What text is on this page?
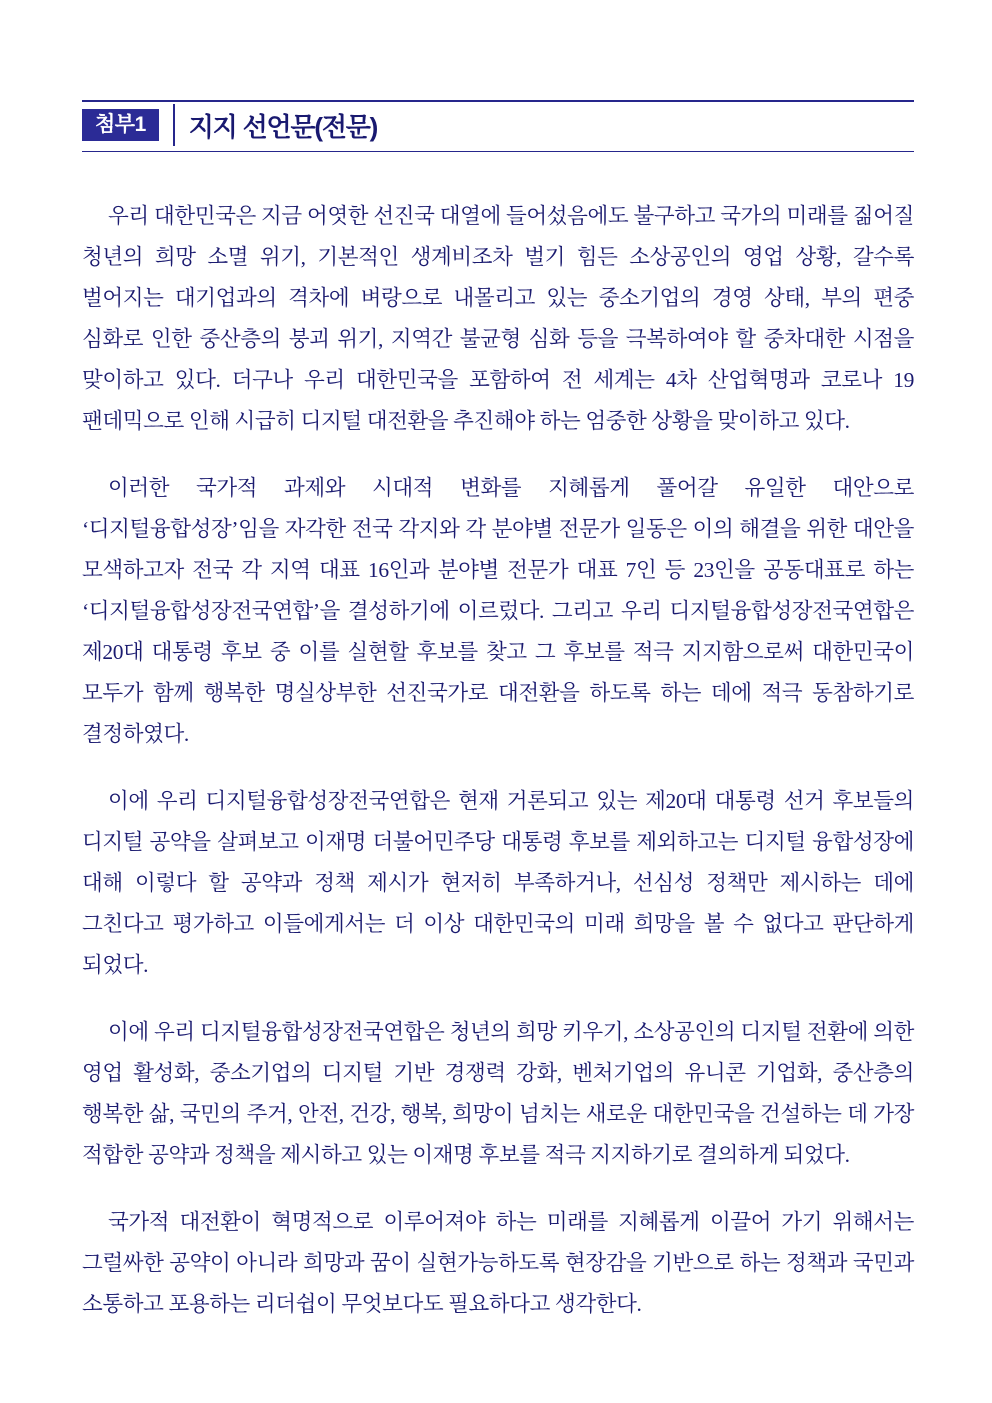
첨부1	지지 선언문(전문)

우리 대한민국은 지금 어엿한 선진국 대열에 들어섰음에도 불구하고 국가의 미래를 짊어질 청년의 희망 소멸 위기, 기본적인 생계비조차 벌기 힘든 소상공인의 영업 상황, 갈수록 벌어지는 대기업과의 격차에 벼랑으로 내몰리고 있는 중소기업의 경영 상태, 부의 편중 심화로 인한 중산층의 붕괴 위기, 지역간 불균형 심화 등을 극복하여야 할 중차대한 시점을 맞이하고 있다. 더구나 우리 대한민국을 포함하여 전 세계는 4차 산업혁명과 코로나 19 팬데믹으로 인해 시급히 디지털 대전환을 추진해야 하는 엄중한 상황을 맞이하고 있다.

이러한 국가적 과제와 시대적 변화를 지혜롭게 풀어갈 유일한 대안으로 ‘디지털융합성장’임을 자각한 전국 각지와 각 분야별 전문가 일동은 이의 해결을 위한 대안을 모색하고자 전국 각 지역 대표 16인과 분야별 전문가 대표 7인 등 23인을 공동대표로 하는 ‘디지털융합성장전국연합’을 결성하기에 이르렀다. 그리고 우리 디지털융합성장전국연합은 제20대 대통령 후보 중 이를 실현할 후보를 찾고 그 후보를 적극 지지함으로써 대한민국이 모두가 함께 행복한 명실상부한 선진국가로 대전환을 하도록 하는 데에 적극 동참하기로 결정하였다.

이에 우리 디지털융합성장전국연합은 현재 거론되고 있는 제20대 대통령 선거 후보들의 디지털 공약을 살펴보고 이재명 더불어민주당 대통령 후보를 제외하고는 디지털 융합성장에 대해 이렇다 할 공약과 정책 제시가 현저히 부족하거나, 선심성 정책만 제시하는 데에 그친다고 평가하고 이들에게서는 더 이상 대한민국의 미래 희망을 볼 수 없다고 판단하게 되었다.

이에 우리 디지털융합성장전국연합은 청년의 희망 키우기, 소상공인의 디지털 전환에 의한 영업 활성화, 중소기업의 디지털 기반 경쟁력 강화, 벤처기업의 유니콘 기업화, 중산층의 행복한 삶, 국민의 주거, 안전, 건강, 행복, 희망이 넘치는 새로운 대한민국을 건설하는 데 가장 적합한 공약과 정책을 제시하고 있는 이재명 후보를 적극 지지하기로 결의하게 되었다.

국가적 대전환이 혁명적으로 이루어져야 하는 미래를 지혜롭게 이끌어 가기 위해서는 그럴싸한 공약이 아니라 희망과 꿈이 실현가능하도록 현장감을 기반으로 하는 정책과 국민과 소통하고 포용하는 리더쉽이 무엇보다도 필요하다고 생각한다.
